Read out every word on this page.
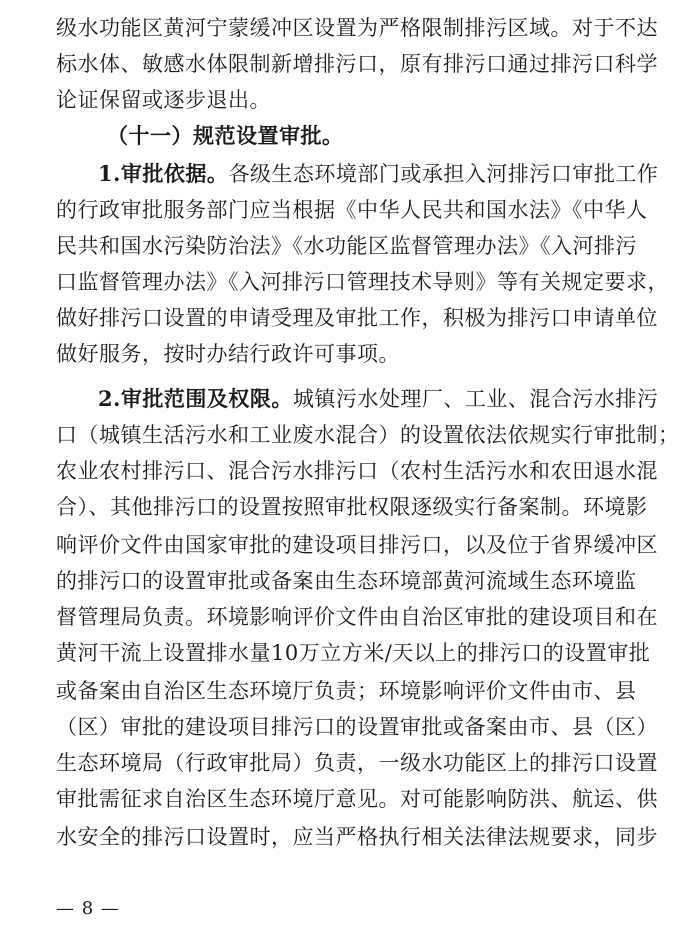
级水功能区黄河宁蒙缓冲区设置为严格限制排污区域。对于不达
标水体、敏感水体限制新增排污口，原有排污口通过排污口科学
论证保留或逐步退出。
（十一）规范设置审批。
1.审批依据。各级生态环境部门或承担入河排污口审批工作
的行政审批服务部门应当根据《中华人民共和国水法》《中华人
民共和国水污染防治法》《水功能区监督管理办法》《入河排污
口监督管理办法》《入河排污口管理技术导则》等有关规定要求，
做好排污口设置的申请受理及审批工作，积极为排污口申请单位
做好服务，按时办结行政许可事项。
2.审批范围及权限。城镇污水处理厂、工业、混合污水排污
口（城镇生活污水和工业废水混合）的设置依法依规实行审批制；
农业农村排污口、混合污水排污口（农村生活污水和农田退水混
合）、其他排污口的设置按照审批权限逐级实行备案制。环境影
响评价文件由国家审批的建设项目排污口，以及位于省界缓冲区
的排污口的设置审批或备案由生态环境部黄河流域生态环境监
督管理局负责。环境影响评价文件由自治区审批的建设项目和在
黄河干流上设置排水量10万立方米/天以上的排污口的设置审批
或备案由自治区生态环境厅负责；环境影响评价文件由市、县
（区）审批的建设项目排污口的设置审批或备案由市、县（区）
生态环境局（行政审批局）负责，一级水功能区上的排污口设置
审批需征求自治区生态环境厅意见。对可能影响防洪、航运、供
水安全的排污口设置时，应当严格执行相关法律法规要求，同步
— 8 —
